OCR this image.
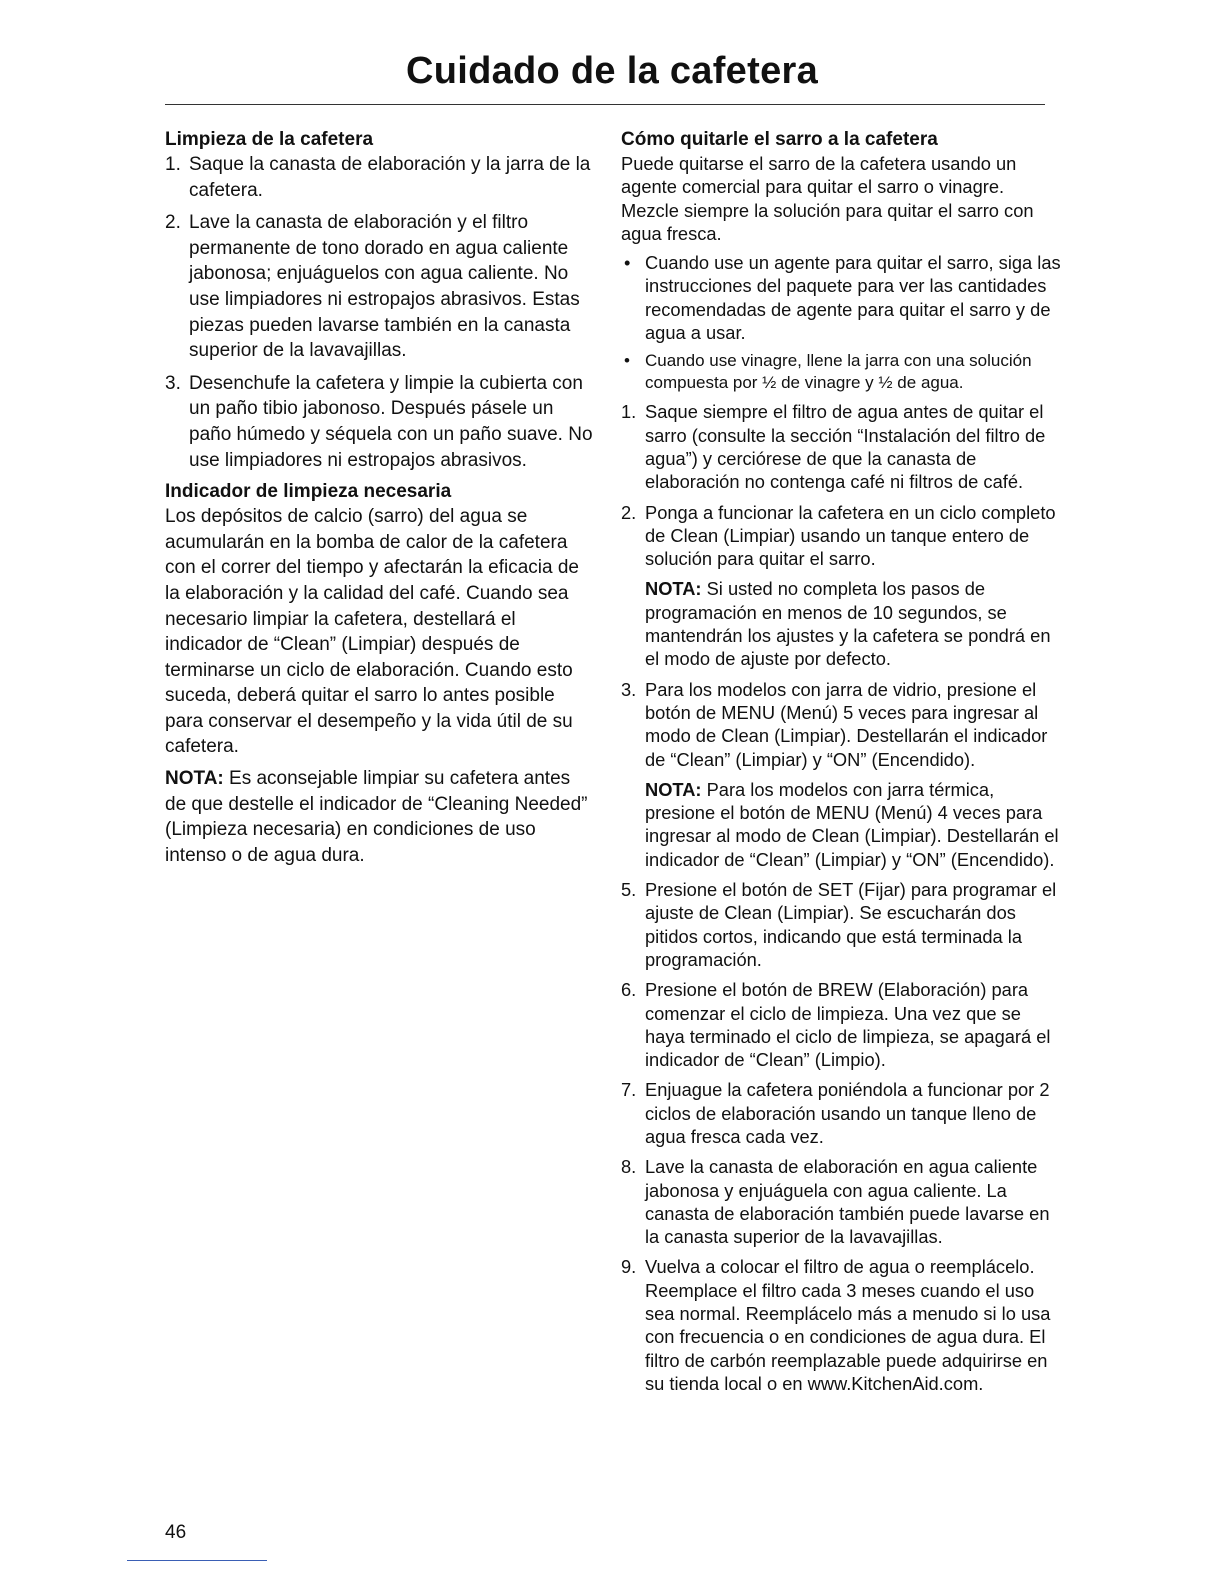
Cuidado de la cafetera
Limpieza de la cafetera
1. Saque la canasta de elaboración y la jarra de la cafetera.
2. Lave la canasta de elaboración y el filtro permanente de tono dorado en agua caliente jabonosa; enjuáguelos con agua caliente. No use limpiadores ni estropajos abrasivos. Estas piezas pueden lavarse también en la canasta superior de la lavavajillas.
3. Desenchufe la cafetera y limpie la cubierta con un paño tibio jabonoso. Después pásele un paño húmedo y séquela con un paño suave. No use limpiadores ni estropajos abrasivos.
Indicador de limpieza necesaria

Los depósitos de calcio (sarro) del agua se acumularán en la bomba de calor de la cafetera con el correr del tiempo y afectarán la eficacia de la elaboración y la calidad del café. Cuando sea necesario limpiar la cafetera, destellará el indicador de “Clean” (Limpiar) después de terminarse un ciclo de elaboración. Cuando esto suceda, deberá quitar el sarro lo antes posible para conservar el desempeño y la vida útil de su cafetera.

NOTA: Es aconsejable limpiar su cafetera antes de que destelle el indicador de “Cleaning Needed” (Limpieza necesaria) en condiciones de uso intenso o de agua dura.

Cómo quitarle el sarro a la cafetera

Puede quitarse el sarro de la cafetera usando un agente comercial para quitar el sarro o vinagre. Mezcle siempre la solución para quitar el sarro con agua fresca.

• Cuando use un agente para quitar el sarro, siga las instrucciones del paquete para ver las cantidades recomendadas de agente para quitar el sarro y de agua a usar.
• Cuando use vinagre, llene la jarra con una solución compuesta por ½ de vinagre y ½ de agua.
1. Saque siempre el filtro de agua antes de quitar el sarro (consulte la sección “Instalación del filtro de agua”) y cerciórese de que la canasta de elaboración no contenga café ni filtros de café.
2. Ponga a funcionar la cafetera en un ciclo completo de Clean (Limpiar) usando un tanque entero de solución para quitar el sarro.
NOTA: Si usted no completa los pasos de programación en menos de 10 segundos, se mantendrán los ajustes y la cafetera se pondrá en el modo de ajuste por defecto.
3. Para los modelos con jarra de vidrio, presione el botón de MENU (Menú) 5 veces para ingresar al modo de Clean (Limpiar). Destellarán el indicador de “Clean” (Limpiar) y “ON” (Encendido).
NOTA: Para los modelos con jarra térmica, presione el botón de MENU (Menú) 4 veces para ingresar al modo de Clean (Limpiar). Destellarán el indicador de “Clean” (Limpiar) y “ON” (Encendido).
5. Presione el botón de SET (Fijar) para programar el ajuste de Clean (Limpiar). Se escucharán dos pitidos cortos, indicando que está terminada la programación.
6. Presione el botón de BREW (Elaboración) para comenzar el ciclo de limpieza. Una vez que se haya terminado el ciclo de limpieza, se apagará el indicador de “Clean” (Limpio).
7. Enjuague la cafetera poniéndola a funcionar por 2 ciclos de elaboración usando un tanque lleno de agua fresca cada vez.
8. Lave la canasta de elaboración en agua caliente jabonosa y enjuáguela con agua caliente. La canasta de elaboración también puede lavarse en la canasta superior de la lavavajillas.
9. Vuelva a colocar el filtro de agua o reemplácelo. Reemplace el filtro cada 3 meses cuando el uso sea normal. Reemplácelo más a menudo si lo usa con frecuencia o en condiciones de agua dura. El filtro de carbón reemplazable puede adquirirse en su tienda local o en www.KitchenAid.com.
46
